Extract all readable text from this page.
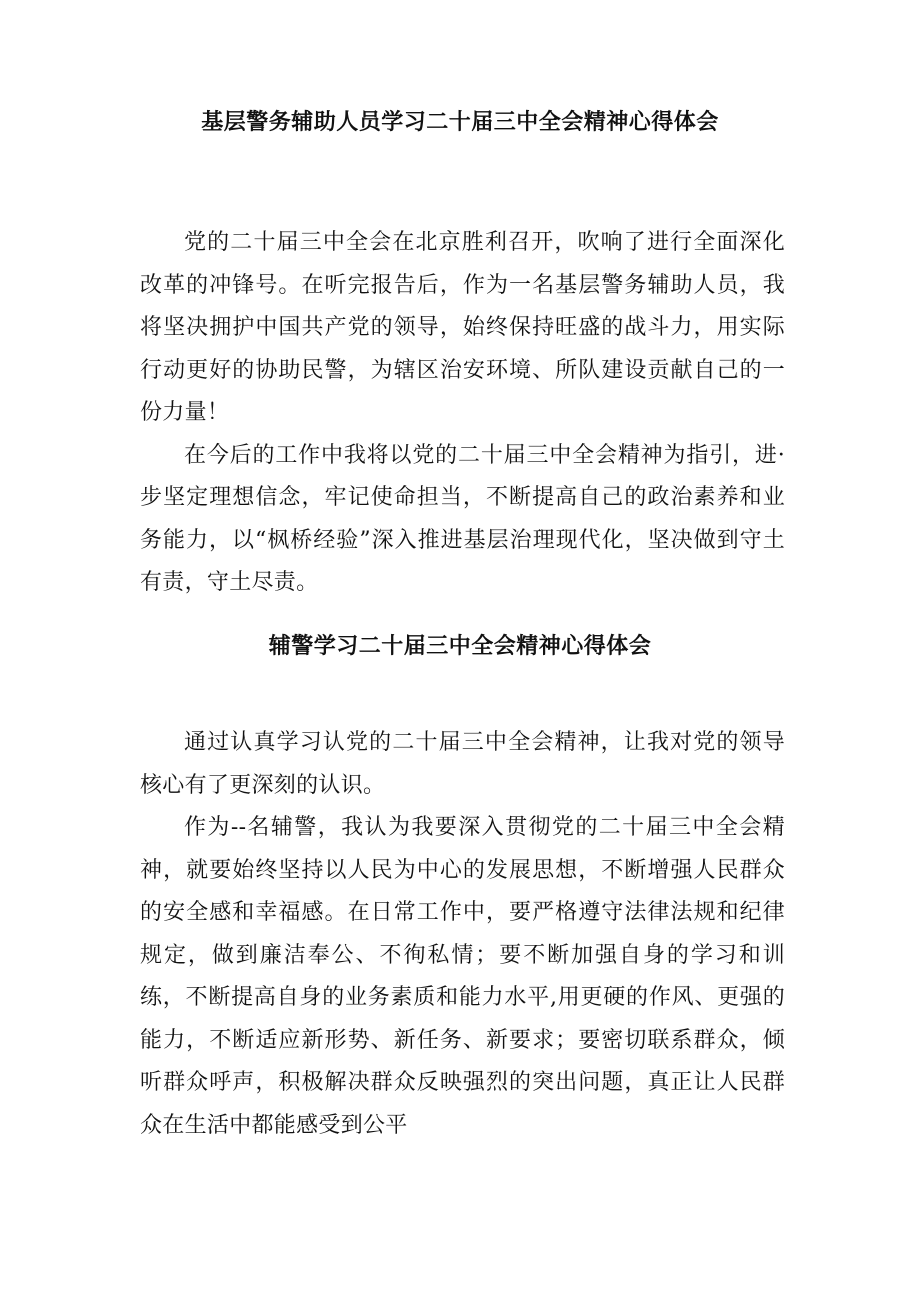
基层警务辅助人员学习二十届三中全会精神心得体会

党的二十届三中全会在北京胜利召开，吹响了进行全面深化改革的冲锋号。在听完报告后，作为一名基层警务辅助人员，我将坚决拥护中国共产党的领导，始终保持旺盛的战斗力，用实际行动更好的协助民警，为辖区治安环境、所队建设贡献自己的一份力量！

在今后的工作中我将以党的二十届三中全会精神为指引，进·步坚定理想信念，牢记使命担当，不断提高自己的政治素养和业务能力，以“枫桥经验”深入推进基层治理现代化，坚决做到守土有责，守土尽责。

辅警学习二十届三中全会精神心得体会

通过认真学习认党的二十届三中全会精神，让我对党的领导核心有了更深刻的认识。

作为--名辅警，我认为我要深入贯彻党的二十届三中全会精神，就要始终坚持以人民为中心的发展思想，不断增强人民群众的安全感和幸福感。在日常工作中，要严格遵守法律法规和纪律规定，做到廉洁奉公、不徇私情；要不断加强自身的学习和训练，不断提高自身的业务素质和能力水平,用更硬的作风、更强的能力，不断适应新形势、新任务、新要求；要密切联系群众，倾听群众呼声，积极解决群众反映强烈的突出问题，真正让人民群众在生活中都能感受到公平
